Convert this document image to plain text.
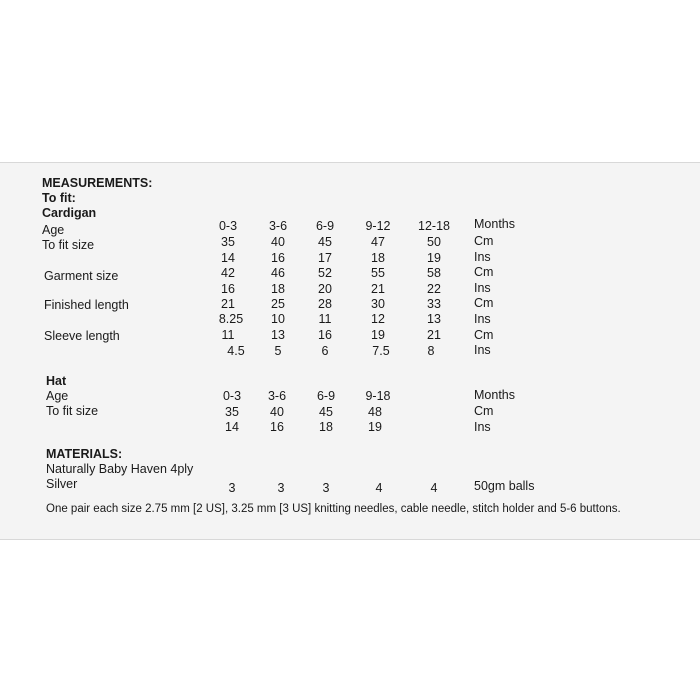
MEASUREMENTS:
To fit:
Cardigan
Age	0-3	3-6	6-9	9-12	12-18	Months
To fit size	35	40	45	47	50	Cm
14	16	17	18	19	Ins
Garment size	42	46	52	55	58	Cm
16	18	20	21	22	Ins
Finished length	21	25	28	30	33	Cm
8.25	10	11	12	13	Ins
Sleeve length	11	13	16	19	21	Cm
4.5	5	6	7.5	8	Ins
Hat
Age	0-3	3-6	6-9	9-18	Months
To fit size	35	40	45	48	Cm
14	16	18	19	Ins
MATERIALS:
Naturally Baby Haven 4ply
Silver	3	3	3	4	4	50gm balls
One pair each size 2.75 mm [2 US], 3.25 mm [3 US] knitting needles, cable needle, stitch holder and 5-6 buttons.
